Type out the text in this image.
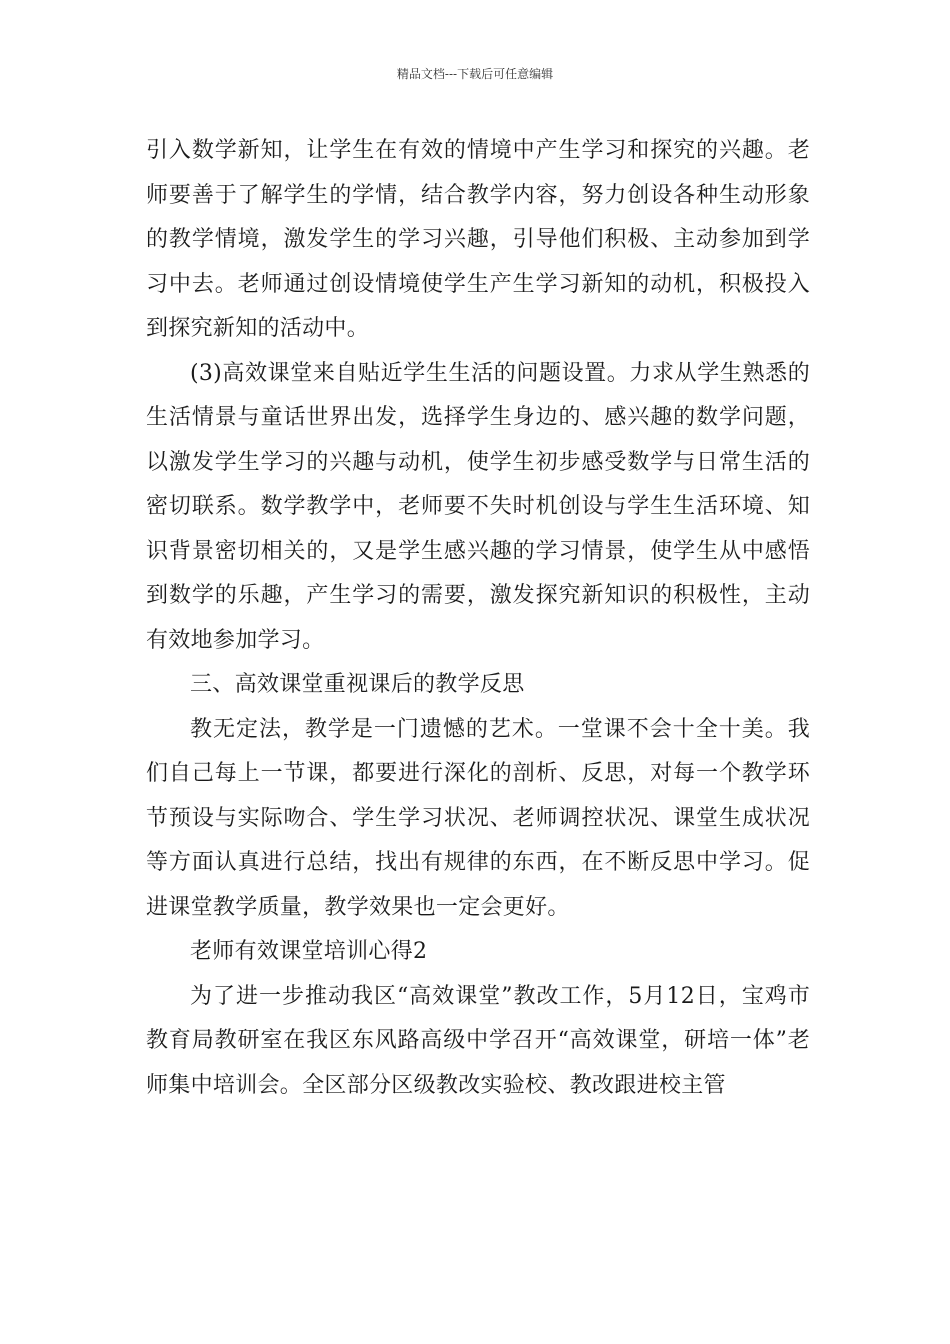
精品文档---下载后可任意编辑

引入数学新知，让学生在有效的情境中产生学习和探究的兴趣。老师要善于了解学生的学情，结合教学内容，努力创设各种生动形象的教学情境，激发学生的学习兴趣，引导他们积极、主动参加到学习中去。老师通过创设情境使学生产生学习新知的动机，积极投入到探究新知的活动中。

(3)高效课堂来自贴近学生生活的问题设置。力求从学生熟悉的生活情景与童话世界出发，选择学生身边的、感兴趣的数学问题，以激发学生学习的兴趣与动机，使学生初步感受数学与日常生活的密切联系。数学教学中，老师要不失时机创设与学生生活环境、知识背景密切相关的，又是学生感兴趣的学习情景，使学生从中感悟到数学的乐趣，产生学习的需要，激发探究新知识的积极性，主动有效地参加学习。

三、高效课堂重视课后的教学反思

教无定法，教学是一门遗憾的艺术。一堂课不会十全十美。我们自己每上一节课，都要进行深化的剖析、反思，对每一个教学环节预设与实际吻合、学生学习状况、老师调控状况、课堂生成状况等方面认真进行总结，找出有规律的东西，在不断反思中学习。促进课堂教学质量，教学效果也一定会更好。

老师有效课堂培训心得2

为了进一步推动我区“高效课堂”教改工作，5月12日，宝鸡市教育局教研室在我区东风路高级中学召开“高效课堂，研培一体”老师集中培训会。全区部分区级教改实验校、教改跟进校主管
